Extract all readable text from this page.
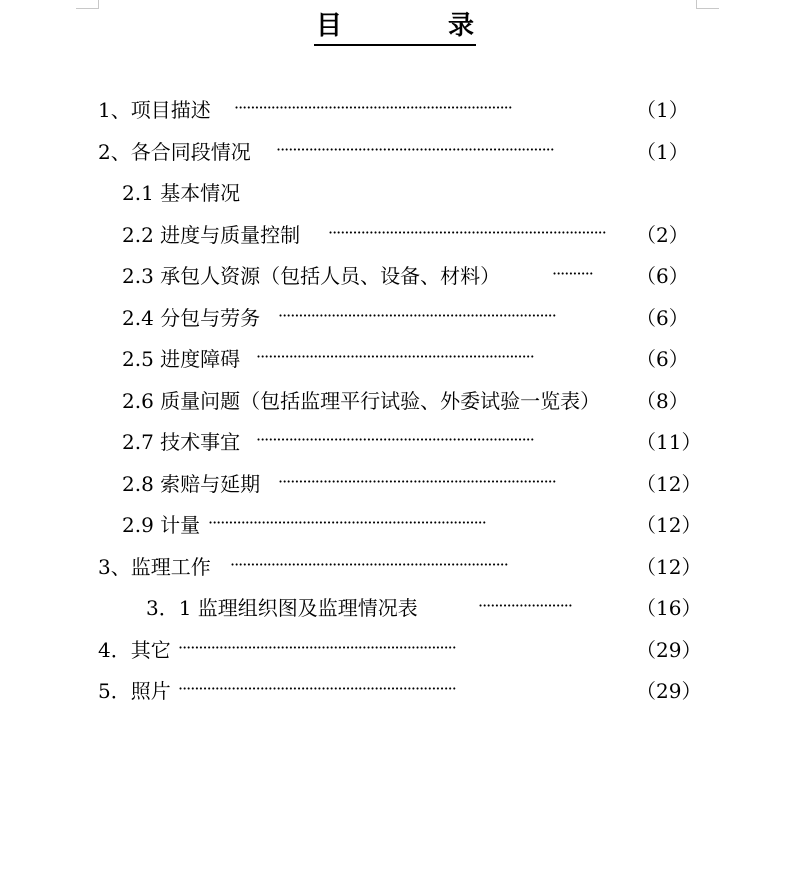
目	录
1、项目描述 ····································································	（1）
2、各合同段情况 ····································································	（1）
2.1 基本情况
2.2 进度与质量控制 ····································································	（2）
2.3 承包人资源（包括人员、设备、材料）	··········	（6）
2.4 分包与劳务 ····································································	（6）
2.5 进度障碍 ····································································	（6）
2.6 质量问题（包括监理平行试验、外委试验一览表） （8）
2.7 技术事宜 ····································································	（11）
2.8 索赔与延期 ····································································	（12）
2.9 计量 ····································································	（12）
3、监理工作 ····································································	（12）
3．1 监理组织图及监理情况表	·······················	（16）
4．其它 ····································································	（29）
5．照片 ····································································	（29）
